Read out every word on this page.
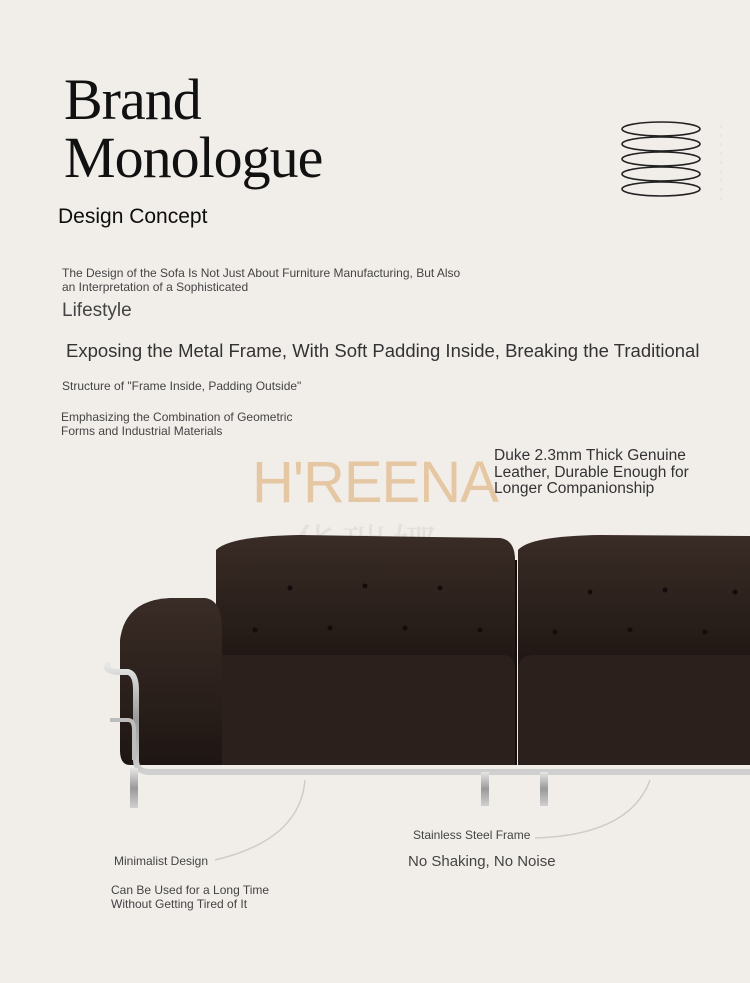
Brand
Monologue
Design Concept
The Design of the Sofa Is Not Just About Furniture Manufacturing, But Also an Interpretation of a Sophisticated
Lifestyle
Exposing the Metal Frame, With Soft Padding Inside, Breaking the Traditional
Structure of "Frame Inside, Padding Outside"
Emphasizing the Combination of Geometric Forms and Industrial Materials
H'REENA
Duke 2.3mm Thick Genuine Leather, Durable Enough for Longer Companionship
Minimalist Design
Can Be Used for a Long Time Without Getting Tired of It
Stainless Steel Frame
No Shaking, No Noise
